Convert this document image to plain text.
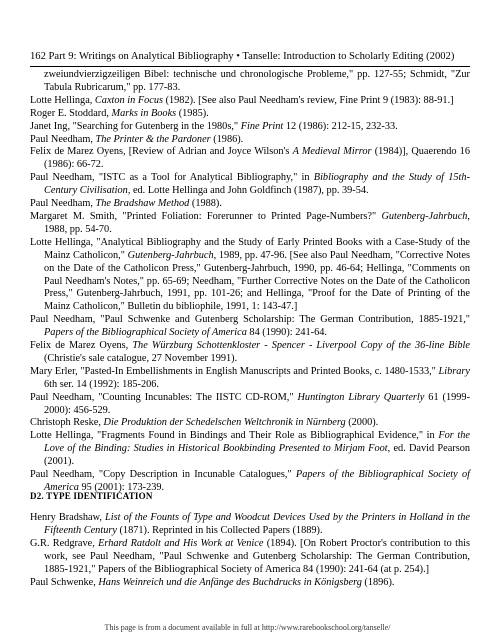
162 Part 9: Writings on Analytical Bibliography • Tanselle: Introduction to Scholarly Editing (2002)

zweiundvierzigzeiligen Bibel: technische und chronologische Probleme," pp. 127-55; Schmidt, "Zur Tabula Rubricarum," pp. 177-83.

Lotte Hellinga, Caxton in Focus (1982). [See also Paul Needham's review, Fine Print 9 (1983): 88-91.]

Roger E. Stoddard, Marks in Books (1985).

Janet Ing, "Searching for Gutenberg in the 1980s," Fine Print 12 (1986): 212-15, 232-33.

Paul Needham, The Printer & the Pardoner (1986).

Felix de Marez Oyens, [Review of Adrian and Joyce Wilson's A Medieval Mirror (1984)], Quaerendo 16 (1986): 66-72.

Paul Needham, "ISTC as a Tool for Analytical Bibliography," in Bibliography and the Study of 15th-Century Civilisation, ed. Lotte Hellinga and John Goldfinch (1987), pp. 39-54.

Paul Needham, The Bradshaw Method (1988).

Margaret M. Smith, "Printed Foliation: Forerunner to Printed Page-Numbers?" Gutenberg-Jahrbuch, 1988, pp. 54-70.

Lotte Hellinga, "Analytical Bibliography and the Study of Early Printed Books with a Case-Study of the Mainz Catholicon," Gutenberg-Jahrbuch, 1989, pp. 47-96. [See also Paul Needham, "Corrective Notes on the Date of the Catholicon Press," Gutenberg-Jahrbuch, 1990, pp. 46-64; Hellinga, "Comments on Paul Needham's Notes," pp. 65-69; Needham, "Further Corrective Notes on the Date of the Catholicon Press," Gutenberg-Jahrbuch, 1991, pp. 101-26; and Hellinga, "Proof for the Date of Printing of the Mainz Catholicon," Bulletin du bibliophile, 1991, 1: 143-47.]

Paul Needham, "Paul Schwenke and Gutenberg Scholarship: The German Contribution, 1885-1921," Papers of the Bibliographical Society of America 84 (1990): 241-64.

Felix de Marez Oyens, The Würzburg Schottenkloster - Spencer - Liverpool Copy of the 36-line Bible (Christie's sale catalogue, 27 November 1991).

Mary Erler, "Pasted-In Embellishments in English Manuscripts and Printed Books, c. 1480-1533," Library 6th ser. 14 (1992): 185-206.

Paul Needham, "Counting Incunables: The IISTC CD-ROM," Huntington Library Quarterly 61 (1999-2000): 456-529.

Christoph Reske, Die Produktion der Schedelschen Weltchronik in Nürnberg (2000).

Lotte Hellinga, "Fragments Found in Bindings and Their Role as Bibliographical Evidence," in For the Love of the Binding: Studies in Historical Bookbinding Presented to Mirjam Foot, ed. David Pearson (2001).

Paul Needham, "Copy Description in Incunable Catalogues," Papers of the Bibliographical Society of America 95 (2001): 173-239.

D2. TYPE IDENTIFICATION

Henry Bradshaw, List of the Founts of Type and Woodcut Devices Used by the Printers in Holland in the Fifteenth Century (1871). Reprinted in his Collected Papers (1889).

G.R. Redgrave, Erhard Ratdolt and His Work at Venice (1894). [On Robert Proctor's contribution to this work, see Paul Needham, "Paul Schwenke and Gutenberg Scholarship: The German Contribution, 1885-1921," Papers of the Bibliographical Society of America 84 (1990): 241-64 (at p. 254).]

Paul Schwenke, Hans Weinreich und die Anfänge des Buchdrucks in Königsberg (1896).

This page is from a document available in full at http://www.rarebookschool.org/tanselle/
